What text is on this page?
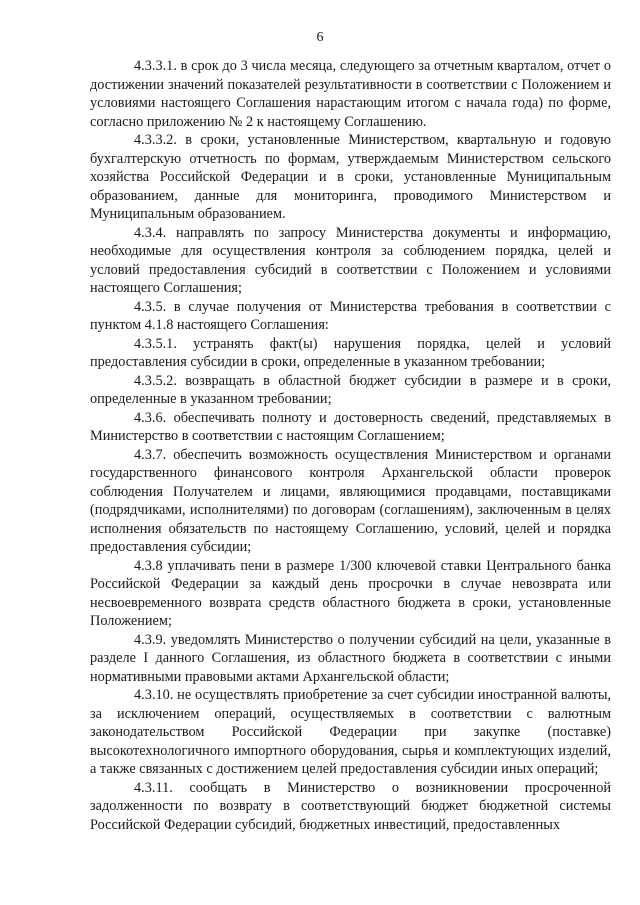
6

4.3.3.1. в срок до 3 числа месяца, следующего за отчетным кварталом, отчет о достижении значений показателей результативности в соответствии с Положением и условиями настоящего Соглашения нарастающим итогом с начала года) по форме, согласно приложению № 2 к настоящему Соглашению.

4.3.3.2. в сроки, установленные Министерством, квартальную и годовую бухгалтерскую отчетность по формам, утверждаемым Министерством сельского хозяйства Российской Федерации и в сроки, установленные Муниципальным образованием, данные для мониторинга, проводимого Министерством и Муниципальным образованием.

4.3.4. направлять по запросу Министерства документы и информацию, необходимые для осуществления контроля за соблюдением порядка, целей и условий предоставления субсидий в соответствии с Положением и условиями настоящего Соглашения;

4.3.5. в случае получения от Министерства требования в соответствии с пунктом 4.1.8 настоящего Соглашения:

4.3.5.1. устранять факт(ы) нарушения порядка, целей и условий предоставления субсидии в сроки, определенные в указанном требовании;

4.3.5.2. возвращать в областной бюджет субсидии в размере и в сроки, определенные в указанном требовании;

4.3.6. обеспечивать полноту и достоверность сведений, представляемых в Министерство в соответствии с настоящим Соглашением;

4.3.7. обеспечить возможность осуществления Министерством и органами государственного финансового контроля Архангельской области проверок соблюдения Получателем и лицами, являющимися продавцами, поставщиками (подрядчиками, исполнителями) по договорам (соглашениям), заключенным в целях исполнения обязательств по настоящему Соглашению, условий, целей и порядка предоставления субсидии;

4.3.8 уплачивать пени в размере 1/300 ключевой ставки Центрального банка Российской Федерации за каждый день просрочки в случае невозврата или несвоевременного возврата средств областного бюджета в сроки, установленные Положением;

4.3.9. уведомлять Министерство о получении субсидий на цели, указанные в разделе I данного Соглашения, из областного бюджета в соответствии с иными нормативными правовыми актами Архангельской области;

4.3.10. не осуществлять приобретение за счет субсидии иностранной валюты, за исключением операций, осуществляемых в соответствии с валютным законодательством Российской Федерации при закупке (поставке) высокотехнологичного импортного оборудования, сырья и комплектующих изделий, а также связанных с достижением целей предоставления субсидии иных операций;

4.3.11. сообщать в Министерство о возникновении просроченной задолженности по возврату в соответствующий бюджет бюджетной системы Российской Федерации субсидий, бюджетных инвестиций, предоставленных
